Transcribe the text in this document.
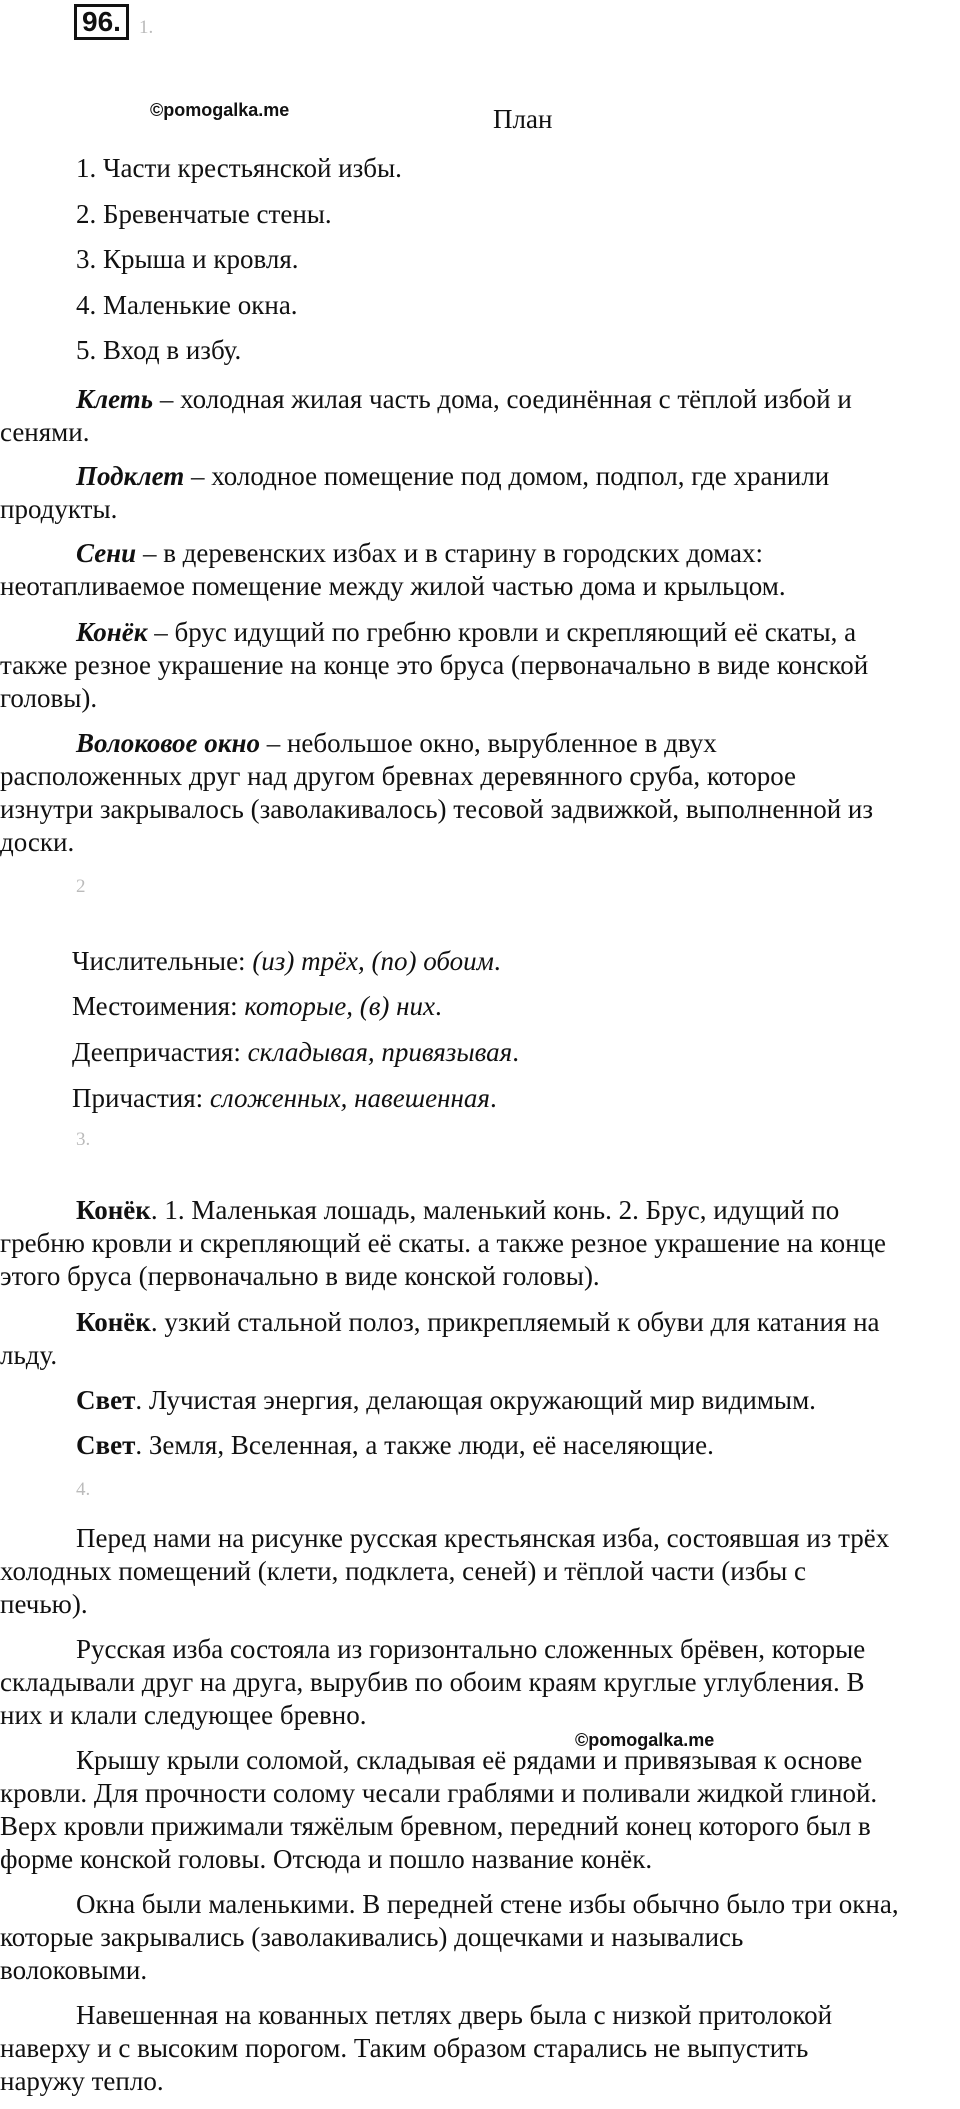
96. 1.
©pomogalka.me
©pomogalka.me
План
1. Части крестьянской избы.
2. Бревенчатые стены.
3. Крыша и кровля.
4. Маленькие окна.
5. Вход в избу.
Клеть – холодная жилая часть дома, соединённая с тёплой избой и
сенями.
Подклет – холодное помещение под домом, подпол, где хранили
продукты.
Сени – в деревенских избах и в старину в городских домах:
неотапливаемое помещение между жилой частью дома и крыльцом.
Конёк – брус идущий по гребню кровли и скрепляющий её скаты, а
также резное украшение на конце это бруса (первоначально в виде конской
головы).
Волоковое окно – небольшое окно, вырубленное в двух
расположенных друг над другом бревнах деревянного сруба, которое
изнутри закрывалось (заволакивалось) тесовой задвижкой, выполненной из
доски.
2
Числительные: (из) трёх, (по) обоим.
Местоимения: которые, (в) них.
Деепричастия: складывая, привязывая.
Причастия: сложенных, навешенная.
3.
Конёк. 1. Маленькая лошадь, маленький конь. 2. Брус, идущий по
гребню кровли и скрепляющий её скаты. а также резное украшение на конце
этого бруса (первоначально в виде конской головы).
Конёк. узкий стальной полоз, прикрепляемый к обуви для катания на
льду.
Свет. Лучистая энергия, делающая окружающий мир видимым.
Свет. Земля, Вселенная, а также люди, её населяющие.
4.
Перед нами на рисунке русская крестьянская изба, состоявшая из трёх
холодных помещений (клети, подклета, сеней) и тёплой части (избы с
печью).
Русская изба состояла из горизонтально сложенных брёвен, которые
складывали друг на друга, вырубив по обоим краям круглые углубления. В
них и клали следующее бревно.
Крышу крыли соломой, складывая её рядами и привязывая к основе
кровли. Для прочности солому чесали граблями и поливали жидкой глиной.
Верх кровли прижимали тяжёлым бревном, передний конец которого был в
форме конской головы. Отсюда и пошло название конёк.
Окна были маленькими. В передней стене избы обычно было три окна,
которые закрывались (заволакивались) дощечками и назывались
волоковыми.
Навешенная на кованных петлях дверь была с низкой притолокой
наверху и с высоким порогом. Таким образом старались не выпустить
наружу тепло.
